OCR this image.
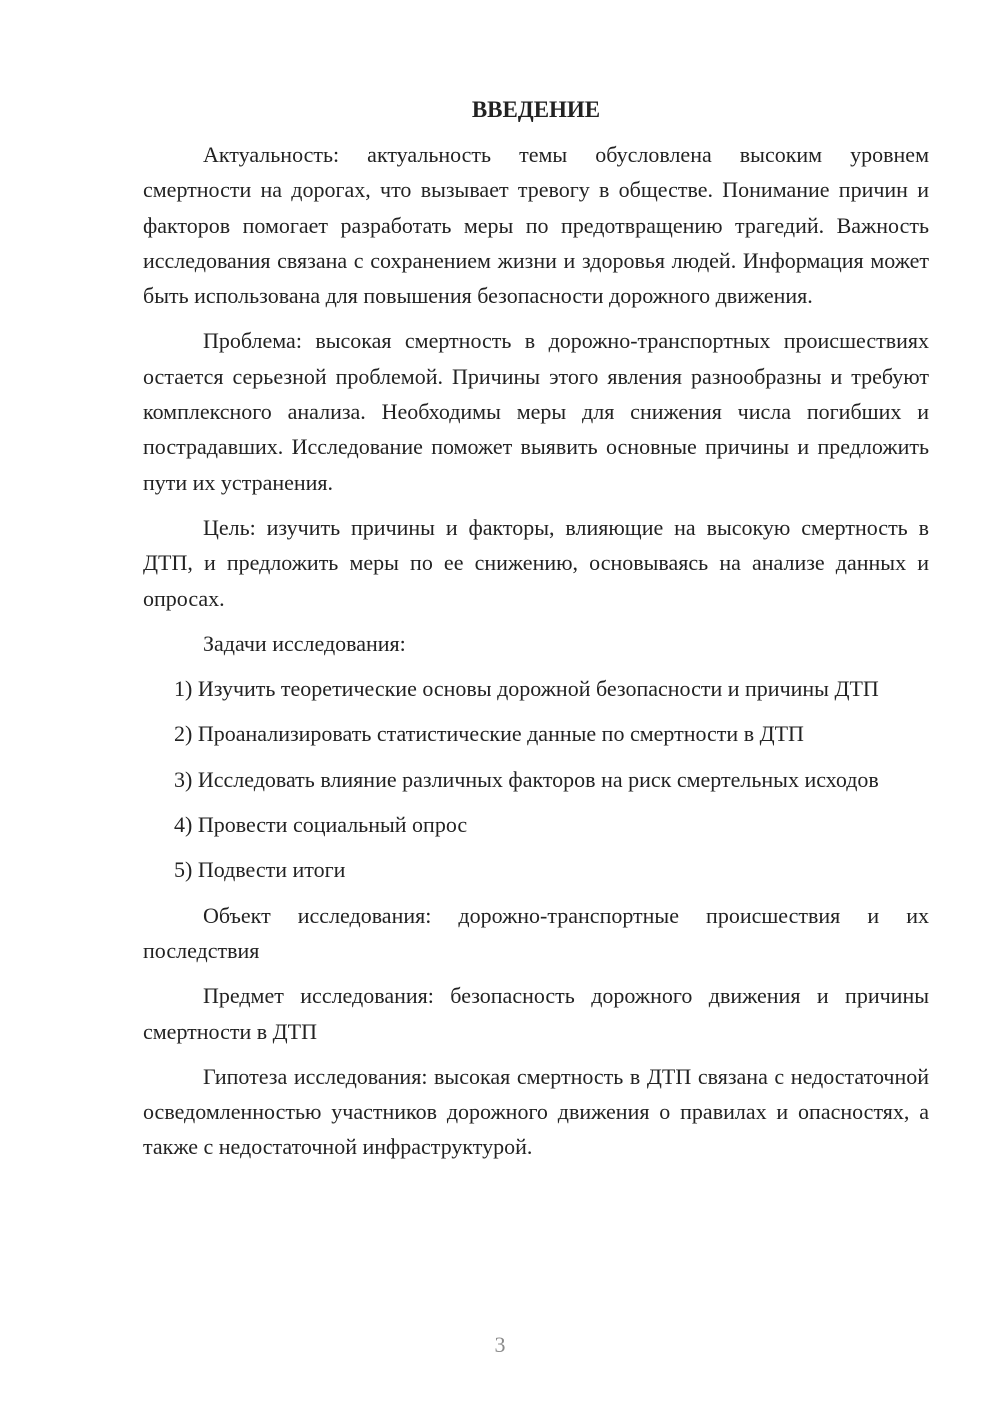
ВВЕДЕНИЕ

Актуальность: актуальность темы обусловлена высоким уровнем смертности на дорогах, что вызывает тревогу в обществе. Понимание причин и факторов помогает разработать меры по предотвращению трагедий. Важность исследования связана с сохранением жизни и здоровья людей. Информация может быть использована для повышения безопасности дорожного движения.

Проблема: высокая смертность в дорожно-транспортных происшествиях остается серьезной проблемой. Причины этого явления разнообразны и требуют комплексного анализа. Необходимы меры для снижения числа погибших и пострадавших. Исследование поможет выявить основные причины и предложить пути их устранения.

Цель: изучить причины и факторы, влияющие на высокую смертность в ДТП, и предложить меры по ее снижению, основываясь на анализе данных и опросах.

Задачи исследования:

1) Изучить теоретические основы дорожной безопасности и причины ДТП

2) Проанализировать статистические данные по смертности в ДТП

3) Исследовать влияние различных факторов на риск смертельных исходов

4) Провести социальный опрос

5) Подвести итоги

Объект исследования: дорожно-транспортные происшествия и их последствия

Предмет исследования: безопасность дорожного движения и причины смертности в ДТП

Гипотеза исследования: высокая смертность в ДТП связана с недостаточной осведомленностью участников дорожного движения о правилах и опасностях, а также с недостаточной инфраструктурой.

3
